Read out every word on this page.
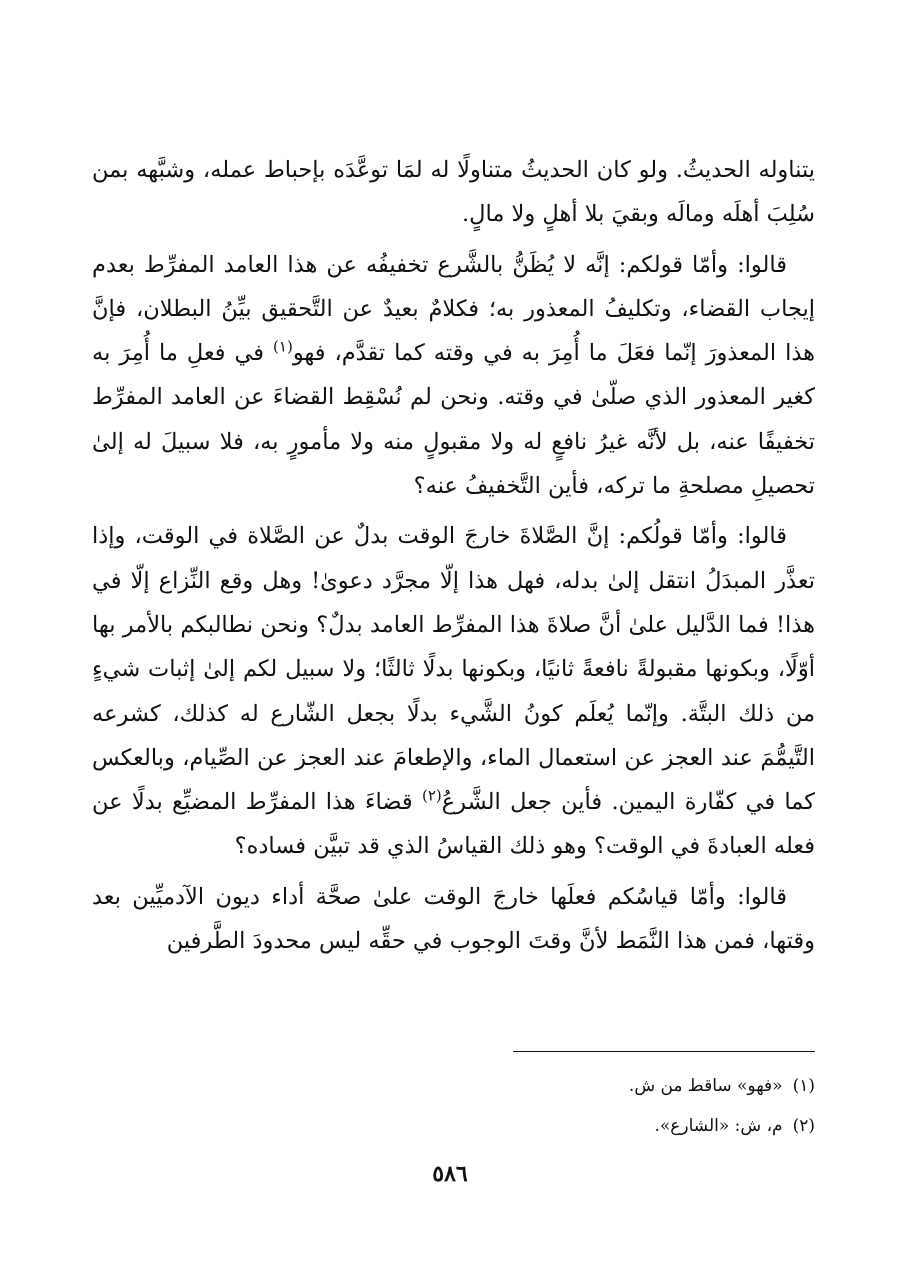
يتناوله الحديثُ. ولو كان الحديثُ متناولًا له لمَا توعَّدَه بإحباط عمله، وشبَّهه بمن سُلِبَ أهلَه ومالَه وبقيَ بلا أهلٍ ولا مالٍ.

قالوا: وأمّا قولكم: إنَّه لا يُظَنُّ بالشَّرع تخفيفُه عن هذا العامد المفرِّط بعدم إيجاب القضاء، وتكليفُ المعذور به؛ فكلامٌ بعيدٌ عن التَّحقيق بيِّنُ البطلان، فإنَّ هذا المعذورَ إنّما فعَلَ ما أُمِرَ به في وقته كما تقدَّم، فهو$^{(١)}$ في فعلِ ما أُمِرَ به كغير المعذور الذي صلّىٰ في وقته. ونحن لم نُسْقِط القضاءَ عن العامد المفرِّط تخفيفًا عنه، بل لأنَّه غيرُ نافعٍ له ولا مقبولٍ منه ولا مأمورٍ به، فلا سبيلَ له إلىٰ تحصيلِ مصلحةِ ما تركه، فأين التَّخفيفُ عنه؟

قالوا: وأمّا قولُكم: إنَّ الصَّلاةَ خارجَ الوقت بدلٌ عن الصَّلاة في الوقت، وإذا تعذَّر المبدَلُ انتقل إلىٰ بدله، فهل هذا إلّا مجرَّد دعوىٰ! وهل وقع النِّزاع إلّا في هذا! فما الدَّليل علىٰ أنَّ صلاةَ هذا المفرِّط العامد بدلٌ؟ ونحن نطالبكم بالأمر بها أوّلًا، وبكونها مقبولةً نافعةً ثانيًا، وبكونها بدلًا ثالثًا؛ ولا سبيل لكم إلىٰ إثبات شيءٍ من ذلك البتَّة. وإنّما يُعلَم كونُ الشَّيء بدلًا بجعل الشّارع له كذلك، كشرعه التَّيمُّمَ عند العجز عن استعمال الماء، والإطعامَ عند العجز عن الصِّيام، وبالعكس كما في كفّارة اليمين. فأين جعل الشَّرعُ$^{(٢)}$ قضاءَ هذا المفرِّط المضيِّع بدلًا عن فعله العبادةَ في الوقت؟ وهو ذلك القياسُ الذي قد تبيَّن فساده؟

قالوا: وأمّا قياسُكم فعلَها خارجَ الوقت علىٰ صحَّة أداء ديون الآدميِّين بعد وقتها، فمن هذا النَّمَط لأنَّ وقتَ الوجوب في حقِّه ليس محدودَ الطَّرفين

(١)«فهو» ساقط من ش.
(٢)م، ش: «الشارع».
٥٨٦
